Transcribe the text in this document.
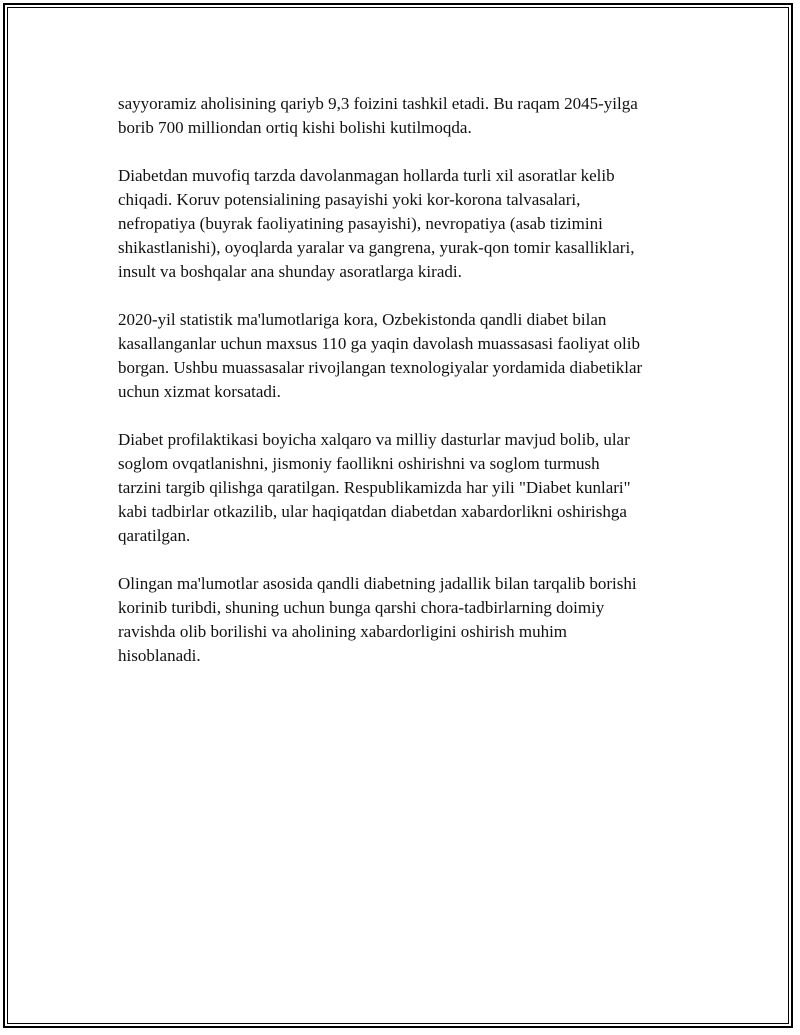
sayyoramiz aholisining qariyb 9,3 foizini tashkil etadi. Bu raqam 2045-yilga
borib 700 milliondan ortiq kishi bolishi kutilmoqda.
Diabetdan muvofiq tarzda davolanmagan hollarda turli xil asoratlar kelib
chiqadi. Koruv potensialining pasayishi yoki kor-korona talvasalari,
nefropatiya (buyrak faoliyatining pasayishi), nevropatiya (asab tizimini
shikastlanishi), oyoqlarda yaralar va gangrena, yurak-qon tomir kasalliklari,
insult va boshqalar ana shunday asoratlarga kiradi.
2020-yil statistik ma'lumotlariga kora, Ozbekistonda qandli diabet bilan
kasallanganlar uchun maxsus 110 ga yaqin davolash muassasasi faoliyat olib
borgan. Ushbu muassasalar rivojlangan texnologiyalar yordamida diabetiklar
uchun xizmat korsatadi.
Diabet profilaktikasi boyicha xalqaro va milliy dasturlar mavjud bolib, ular
soglom ovqatlanishni, jismoniy faollikni oshirishni va soglom turmush
tarzini targib qilishga qaratilgan. Respublikamizda har yili "Diabet kunlari"
kabi tadbirlar otkazilib, ular haqiqatdan diabetdan xabardorlikni oshirishga
qaratilgan.
Olingan ma'lumotlar asosida qandli diabetning jadallik bilan tarqalib borishi
korinib turibdi, shuning uchun bunga qarshi chora-tadbirlarning doimiy
ravishda olib borilishi va aholining xabardorligini oshirish muhim
hisoblanadi.
